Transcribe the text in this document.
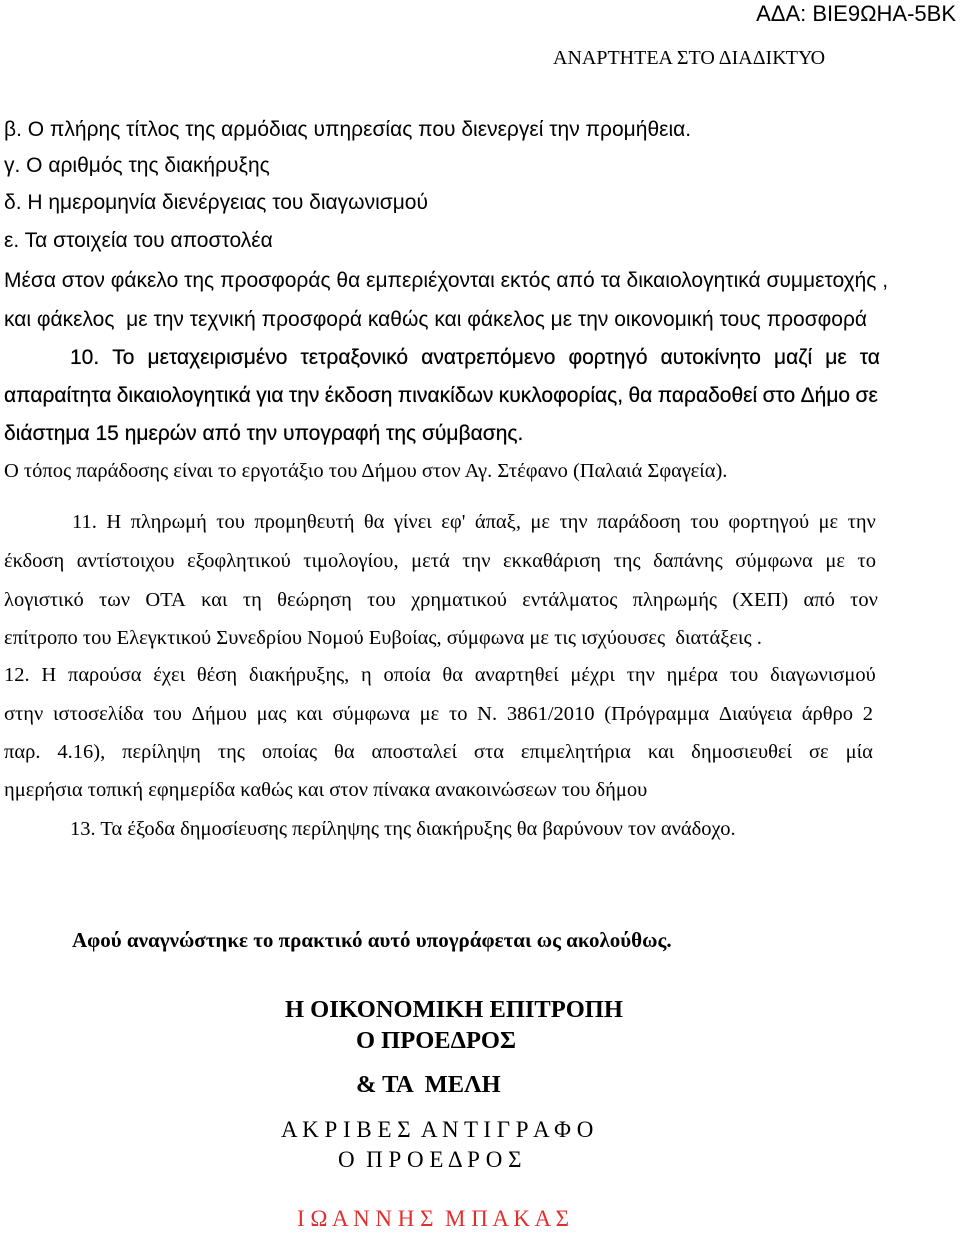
ΑΔΑ: ΒΙΕ9ΩΗΑ-5ΒΚ
ΑΝΑΡΤΗΤΕΑ ΣΤΟ ΔΙΑΔΙΚΤΥΟ
β. Ο πλήρης τίτλος της αρμόδιας υπηρεσίας που διενεργεί την προμήθεια.
γ. Ο αριθμός της διακήρυξης
δ. Η ημερομηνία διενέργειας του διαγωνισμού
ε. Τα στοιχεία του αποστολέα
Μέσα στον φάκελο της προσφοράς θα εμπεριέχονται εκτός από τα δικαιολογητικά συμμετοχής ,
και φάκελος  με την τεχνική προσφορά καθώς και φάκελος με την οικονομική τους προσφορά
10. Το μεταχειρισμένο τετραξονικό ανατρεπόμενο φορτηγό αυτοκίνητο μαζί με τα
απαραίτητα δικαιολογητικά για την έκδοση πινακίδων κυκλοφορίας, θα παραδοθεί στο Δήμο σε
διάστημα 15 ημερών από την υπογραφή της σύμβασης.
Ο τόπος παράδοσης είναι το εργοτάξιο του Δήμου στον Αγ. Στέφανο (Παλαιά Σφαγεία).
11. Η πληρωμή του προμηθευτή θα γίνει εφ' άπαξ, με την παράδοση του φορτηγού με την
έκδοση αντίστοιχου εξοφλητικού τιμολογίου, μετά την εκκαθάριση της δαπάνης σύμφωνα με το
λογιστικό των ΟΤΑ και τη θεώρηση του χρηματικού εντάλματος πληρωμής (ΧΕΠ) από τον
επίτροπο του Ελεγκτικού Συνεδρίου Νομού Ευβοίας, σύμφωνα με τις ισχύουσες  διατάξεις .
12. Η παρούσα έχει θέση διακήρυξης, η οποία θα αναρτηθεί μέχρι την ημέρα του διαγωνισμού
στην ιστοσελίδα του Δήμου μας και σύμφωνα με το Ν. 3861/2010 (Πρόγραμμα Διαύγεια άρθρο 2
παρ. 4.16), περίληψη της οποίας θα αποσταλεί στα επιμελητήρια και δημοσιευθεί σε μία
ημερήσια τοπική εφημερίδα καθώς και στον πίνακα ανακοινώσεων του δήμου
13. Τα έξοδα δημοσίευσης περίληψης της διακήρυξης θα βαρύνουν τον ανάδοχο.
Αφού αναγνώστηκε το πρακτικό αυτό υπογράφεται ως ακολούθως.
Η ΟΙΚΟΝΟΜΙΚΗ ΕΠΙΤΡΟΠΗ
Ο ΠΡΟΕΔΡΟΣ
& ΤΑ  ΜΕΛΗ
Α Κ Ρ Ι Β Ε Σ  Α Ν Τ Ι Γ Ρ Α Φ Ο
Ο  Π Ρ Ο Ε Δ Ρ Ο Σ
Ι Ω Α Ν Ν Η Σ  Μ Π Α Κ Α Σ
